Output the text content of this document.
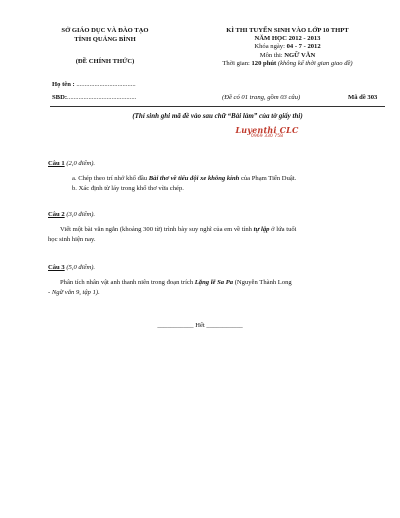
SỞ GIÁO DỤC VÀ ĐÀO TẠO
TỈNH QUẢNG BÌNH
(ĐỀ CHÍNH THỨC)
KÌ THI TUYỂN SINH VÀO LỚP 10 THPT
NĂM HỌC 2012 - 2013
Khóa ngày: 04 - 7 - 2012
Môn thi: NGỮ VĂN
Thời gian: 120 phút (không kể thời gian giao đề)
Họ tên : ....................................
SBD:..........................................	(Đề có 01 trang, gồm 03 câu)	Mã đề 303
(Thí sinh ghi mã đề vào sau chữ “Bài làm” của tờ giấy thi)
Luyenthi CLC
0969 330 758
Câu 1 (2,0 điểm).
a. Chép theo trí nhớ khổ đầu Bài thơ về tiểu đội xe không kính của Phạm Tiến Duật.
b. Xác định từ láy trong khổ thơ vừa chép.
Câu 2 (3,0 điểm).
Viết một bài văn ngắn (khoảng 300 từ) trình bày suy nghĩ của em về tính tự lập ở lứa tuổi
học sinh hiện nay.
Câu 3 (5,0 điểm).
Phân tích nhân vật anh thanh niên trong đoạn trích Lặng lẽ Sa Pa (Nguyễn Thành Long
- Ngữ văn 9, tập 1).
___________ Hết ___________
